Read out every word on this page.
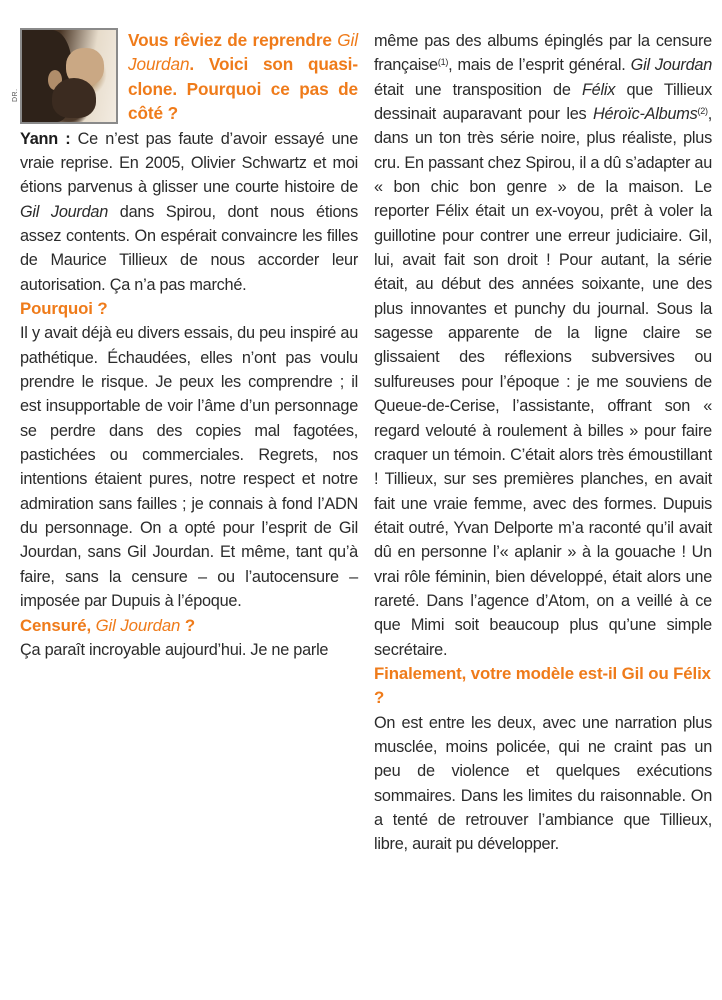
DR.

Vous rêviez de reprendre Gil Jourdan. Voici son quasi-clone. Pourquoi ce pas de côté ?

Yann : Ce n’est pas faute d’avoir essayé une vraie reprise. En 2005, Olivier Schwartz et moi étions parvenus à glisser une courte histoire de Gil Jourdan dans Spirou, dont nous étions assez contents. On espérait convaincre les filles de Maurice Tillieux de nous accorder leur autorisation. Ça n’a pas marché.

Pourquoi ?

Il y avait déjà eu divers essais, du peu inspiré au pathétique. Échaudées, elles n’ont pas voulu prendre le risque. Je peux les comprendre ; il est insupportable de voir l’âme d’un personnage se perdre dans des copies mal fagotées, pastichées ou commerciales. Regrets, nos intentions étaient pures, notre respect et notre admiration sans failles ; je connais à fond l’ADN du personnage. On a opté pour l’esprit de Gil Jourdan, sans Gil Jourdan. Et même, tant qu’à faire, sans la censure – ou l’autocensure – imposée par Dupuis à l’époque.

Censuré, Gil Jourdan ?

Ça paraît incroyable aujourd’hui. Je ne parle

même pas des albums épinglés par la censure française$^{(1)}$, mais de l’esprit général. Gil Jourdan était une transposition de Félix que Tillieux dessinait auparavant pour les Héroïc-Albums$^{(2)}$, dans un ton très série noire, plus réaliste, plus cru. En passant chez Spirou, il a dû s’adapter au « bon chic bon genre » de la maison. Le reporter Félix était un ex-voyou, prêt à voler la guillotine pour contrer une erreur judiciaire. Gil, lui, avait fait son droit ! Pour autant, la série était, au début des années soixante, une des plus innovantes et punchy du journal. Sous la sagesse apparente de la ligne claire se glissaient des réflexions subversives ou sulfureuses pour l’époque : je me souviens de Queue-de-Cerise, l’assistante, offrant son « regard velouté à roulement à billes » pour faire craquer un témoin. C’était alors très émoustillant ! Tillieux, sur ses premières planches, en avait fait une vraie femme, avec des formes. Dupuis était outré, Yvan Delporte m’a raconté qu’il avait dû en personne l’« aplanir » à la gouache ! Un vrai rôle féminin, bien développé, était alors une rareté. Dans l’agence d’Atom, on a veillé à ce que Mimi soit beaucoup plus qu’une simple secrétaire.

Finalement, votre modèle est-il Gil ou Félix ?

On est entre les deux, avec une narration plus musclée, moins policée, qui ne craint pas un peu de violence et quelques exécutions sommaires. Dans les limites du raisonnable. On a tenté de retrouver l’ambiance que Tillieux, libre, aurait pu développer.
